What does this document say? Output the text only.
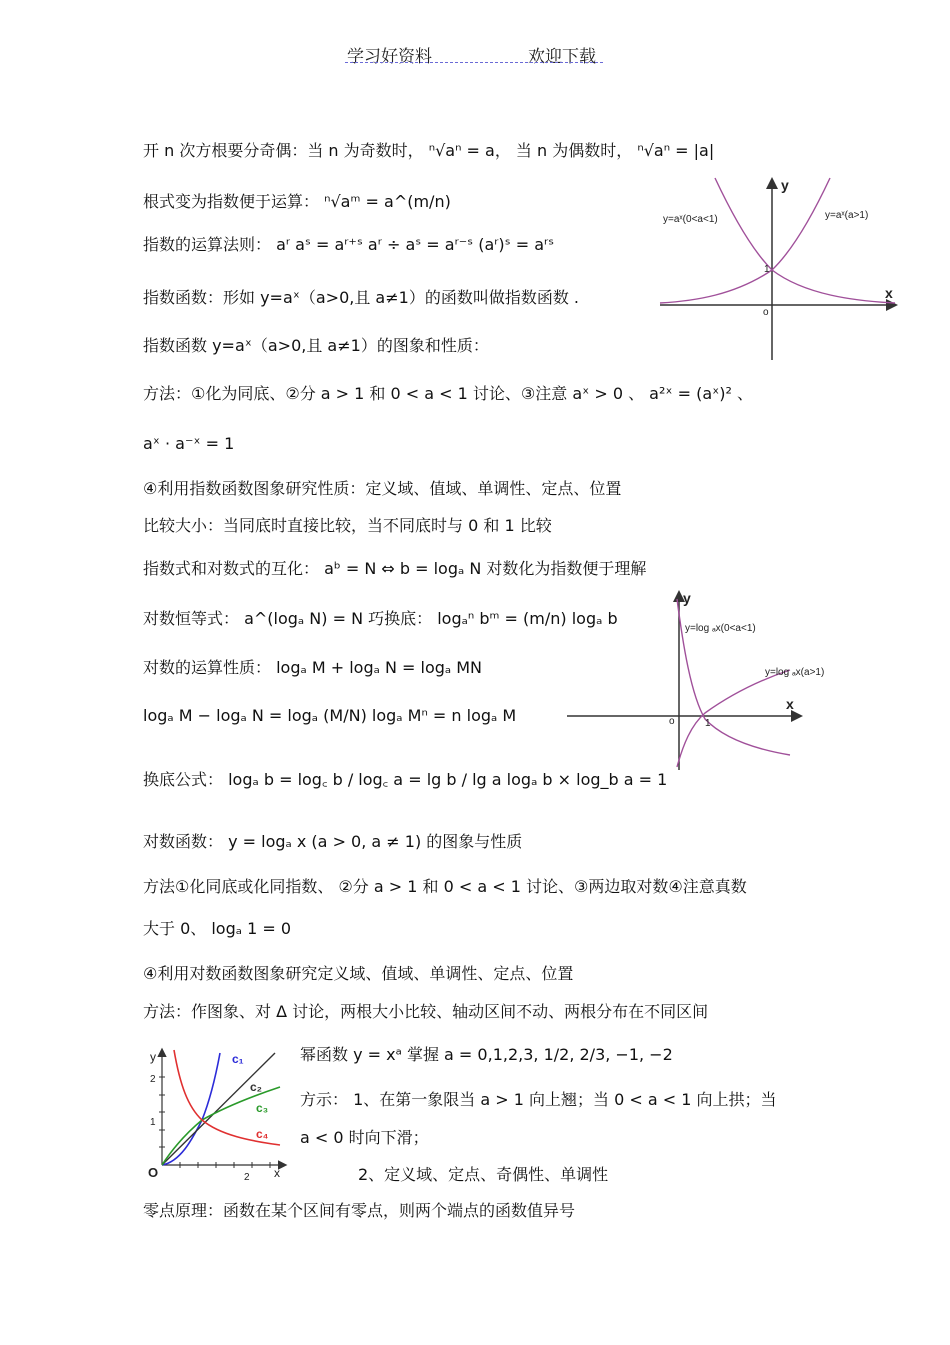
学习好资料	欢迎下载
开 n 次方根要分奇偶：当 n 为奇数时， ⁿ√aⁿ = a， 当 n 为偶数时， ⁿ√aⁿ = |a|
根式变为指数便于运算： ⁿ√aᵐ = a^(m/n)
指数的运算法则： aʳ aˢ = aʳ⁺ˢ aʳ ÷ aˢ = aʳ⁻ˢ (aʳ)ˢ = aʳˢ
指数函数：形如 y=aˣ（a>0,且 a≠1）的函数叫做指数函数 .
指数函数 y=aˣ（a>0,且 a≠1）的图象和性质：
方法：①化为同底、②分 a > 1 和 0 < a < 1 讨论、③注意 aˣ > 0 、 a²ˣ = (aˣ)² 、
aˣ · a⁻ˣ = 1
④利用指数函数图象研究性质：定义域、值域、单调性、定点、位置
比较大小：当同底时直接比较，当不同底时与 0 和 1 比较
指数式和对数式的互化： aᵇ = N ⇔ b = logₐ N 对数化为指数便于理解
对数恒等式： a^(logₐ N) = N 巧换底： logₐⁿ bᵐ = (m/n) logₐ b
对数的运算性质： logₐ M + logₐ N = logₐ MN
logₐ M − logₐ N = logₐ (M/N) logₐ Mⁿ = n logₐ M
换底公式： logₐ b = log꜀ b / log꜀ a = lg b / lg a logₐ b × log_b a = 1
对数函数： y = logₐ x (a > 0, a ≠ 1) 的图象与性质
方法①化同底或化同指数、 ②分 a > 1 和 0 < a < 1 讨论、③两边取对数④注意真数
大于 0、 logₐ 1 = 0
④利用对数函数图象研究定义域、值域、单调性、定点、位置
方法：作图象、对 Δ 讨论，两根大小比较、轴动区间不动、两根分布在不同区间
幂函数 y = xᵃ 掌握 a = 0,1,2,3, 1/2, 2/3, −1, −2
方示： 1、在第一象限当 a > 1 向上翘；当 0 < a < 1 向上拱；当
a < 0 时向下滑；
2、定义域、定点、奇偶性、单调性
零点原理：函数在某个区间有零点，则两个端点的函数值异号
y
x
o
1
y=aˣ(0<a<1)	y=aˣ(a>1)
y
x
o	1
y=log ₐx(0<a<1)
y=log ₐx(a>1)
y
x
O
2
1
2
c₁
c₂
c₃
c₄
